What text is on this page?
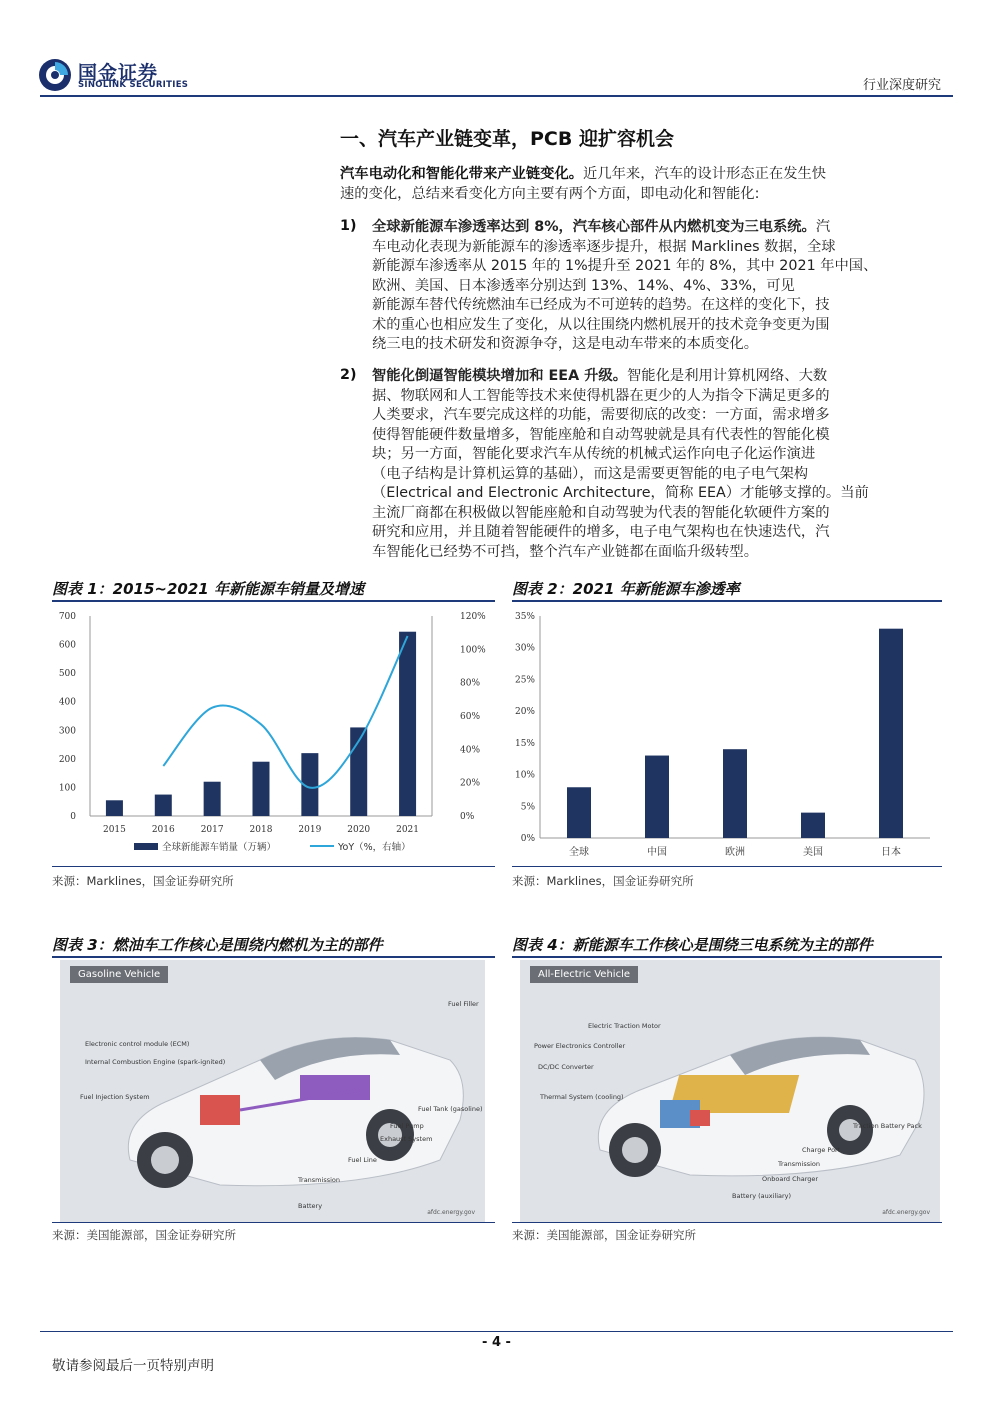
国金证券
SINOLINK SECURITIES	行业深度研究
一、汽车产业链变革，PCB 迎扩容机会
汽车电动化和智能化带来产业链变化。近几年来，汽车的设计形态正在发生快
速的变化，总结来看变化方向主要有两个方面，即电动化和智能化:
1) 全球新能源车渗透率达到 8%，汽车核心部件从内燃机变为三电系统。汽
车电动化表现为新能源车的渗透率逐步提升，根据 Marklines 数据，全球
新能源车渗透率从 2015 年的 1%提升至 2021 年的 8%，其中 2021 年中国、
欧洲、美国、日本渗透率分别达到 13%、14%、4%、33%，可见
新能源车替代传统燃油车已经成为不可逆转的趋势。在这样的变化下，技
术的重心也相应发生了变化，从以往围绕内燃机展开的技术竞争变更为围
绕三电的技术研发和资源争夺，这是电动车带来的本质变化。
2) 智能化倒逼智能模块增加和 EEA 升级。智能化是利用计算机网络、大数
据、物联网和人工智能等技术来使得机器在更少的人为指令下满足更多的
人类要求，汽车要完成这样的功能，需要彻底的改变：一方面，需求增多
使得智能硬件数量增多，智能座舱和自动驾驶就是具有代表性的智能化模
块；另一方面，智能化要求汽车从传统的机械式运作向电子化运作演进
（电子结构是计算机运算的基础），而这是需要更智能的电子电气架构
（Electrical and Electronic Architecture，简称 EEA）才能够支撑的。当前
主流厂商都在积极做以智能座舱和自动驾驶为代表的智能化软硬件方案的
研究和应用，并且随着智能硬件的增多，电子电气架构也在快速迭代，汽
车智能化已经势不可挡，整个汽车产业链都在面临升级转型。
图表 1：2015~2021 年新能源车销量及增速
0
100
200
300
400
500
600
700
0%
20%
40%
60%
80%
100%
120%
2015	2016	2017	2018	2019	2020	2021
全球新能源车销量（万辆）	YoY（%，右轴）
来源：Marklines，国金证券研究所
图表 2：2021 年新能源车渗透率
0%
5%
10%
15%
20%
25%
30%
35%
全球	中国	欧洲	美国	日本
来源：Marklines，国金证券研究所
图表 3：燃油车工作核心是围绕内燃机为主的部件
Gasoline Vehicle
Electronic control module (ECM)
Internal Combustion Engine (spark-ignited)
Fuel Injection System
Fuel Filler
Fuel Tank (gasoline)
Fuel Pump
Exhaust System
Fuel Line
Transmission
Battery
afdc.energy.gov
来源：美国能源部，国金证券研究所
图表 4：新能源车工作核心是围绕三电系统为主的部件
All-Electric Vehicle
Electric Traction Motor
Power Electronics Controller
DC/DC Converter
Thermal System (cooling)
Traction Battery Pack
Charge Port
Transmission
Onboard Charger
Battery (auxiliary)
afdc.energy.gov
来源：美国能源部，国金证券研究所
- 4 -
敬请参阅最后一页特别声明
